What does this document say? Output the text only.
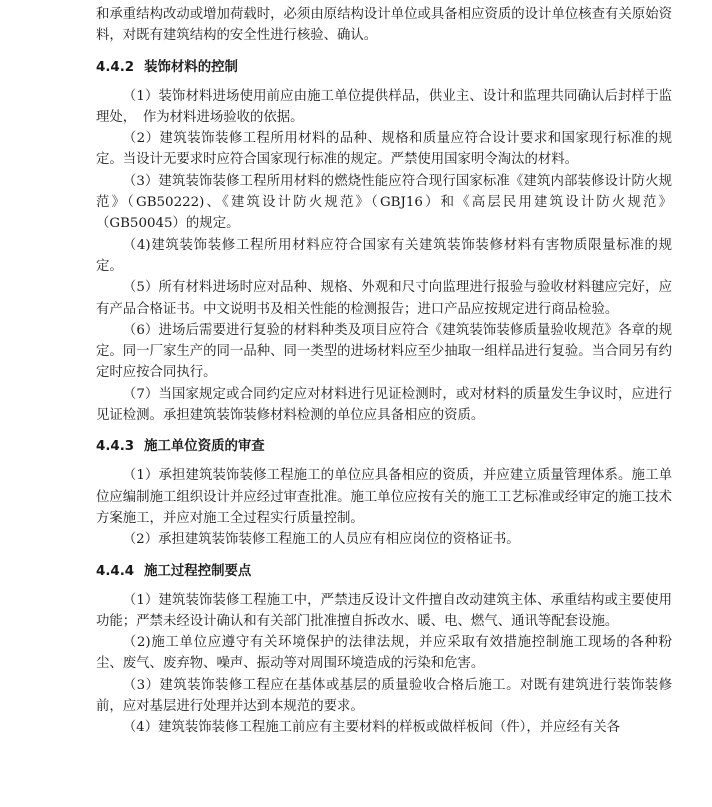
和承重结构改动或增加荷载时，必须由原结构设计单位或具备相应资质的设计单位核查有关原始资料，对既有建筑结构的安全性进行核验、确认。

4.4.2 装饰材料的控制

（1）装饰材料进场使用前应由施工单位提供样品，供业主、设计和监理共同确认后封样于监理处，　作为材料进场验收的依据。

（2）建筑装饰装修工程所用材料的品种、规格和质量应符合设计要求和国家现行标准的规定。当设计无要求时应符合国家现行标准的规定。严禁使用国家明令淘汰的材料。

（3）建筑装饰装修工程所用材料的燃烧性能应符合现行国家标准《建筑内部装修设计防火规范》（GB50222)、《建筑设计防火规范》（GBJ16）和《高层民用建筑设计防火规范》（GB50045）的规定。

（4)建筑装饰装修工程所用材料应符合国家有关建筑装饰装修材料有害物质限量标准的规定。

（5）所有材料进场时应对品种、规格、外观和尺寸向监理进行报验与验收材料毽应完好，应有产品合格证书。中文说明书及相关性能的检测报告；进口产品应按规定进行商品检验。

（6）进场后需要进行复验的材料种类及项目应符合《建筑装饰装修质量验收规范》各章的规定。同一厂家生产的同一品种、同一类型的进场材料应至少抽取一组样品进行复验。当合同另有约定时应按合同执行。

（7）当国家规定或合同约定应对材料进行见证检测时，或对材料的质量发生争议时，应进行见证检测。承担建筑装饰装修材料检测的单位应具备相应的资质。

4.4.3 施工单位资质的审查

（1）承担建筑装饰装修工程施工的单位应具备相应的资质，并应建立质量管理体系。施工单位应编制施工组织设计并应经过审查批准。施工单位应按有关的施工工艺标准或经审定的施工技术方案施工，并应对施工全过程实行质量控制。

（2）承担建筑装饰装修工程施工的人员应有相应岗位的资格证书。

4.4.4 施工过程控制要点

（1）建筑装饰装修工程施工中，严禁违反设计文件擅自改动建筑主体、承重结构或主要使用功能；严禁未经设计确认和有关部门批准擅自拆改水、暖、电、燃气、通讯等配套设施。

（2)施工单位应遵守有关环境保护的法律法规，并应采取有效措施控制施工现场的各种粉尘、废气、废弃物、噪声、振动等对周围环境造成的污染和危害。

（3）建筑装饰装修工程应在基体或基层的质量验收合格后施工。对既有建筑进行装饰装修前，应对基层进行处理并达到本规范的要求。

（4）建筑装饰装修工程施工前应有主要材料的样板或做样板间（件），并应经有关各
